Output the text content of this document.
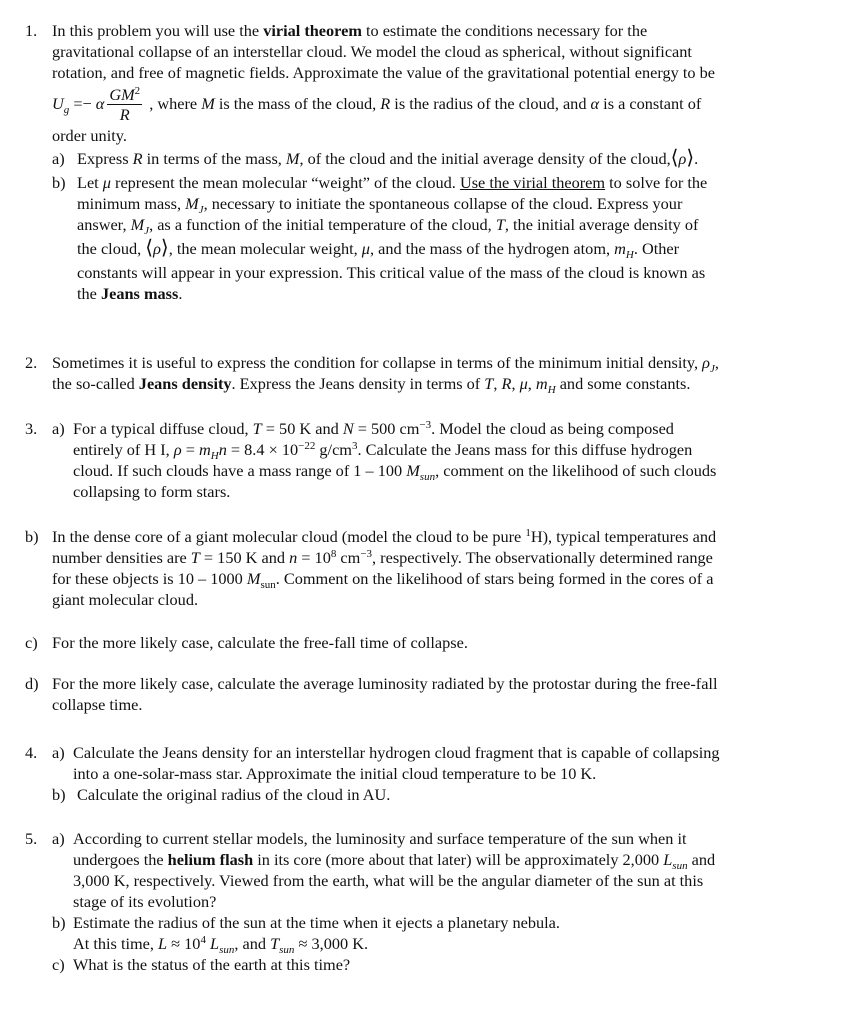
1. In this problem you will use the virial theorem to estimate the conditions necessary for the
gravitational collapse of an interstellar cloud. We model the cloud as spherical, without significant
rotation, and free of magnetic fields. Approximate the value of the gravitational potential energy to be
$U_g =- \alpha \frac{GM^2}{R}$ , where M is the mass of the cloud, R is the radius of the cloud, and α is a constant of
order unity.
a) Express R in terms of the mass, M, of the cloud and the initial average density of the cloud,⟨ρ⟩.
b) Let μ represent the mean molecular “weight” of the cloud. Use the virial theorem to solve for the
minimum mass, $M_J$, necessary to initiate the spontaneous collapse of the cloud. Express your
answer, $M_J$, as a function of the initial temperature of the cloud, T, the initial average density of
the cloud, ⟨ρ⟩, the mean molecular weight, μ, and the mass of the hydrogen atom, $m_H$. Other
constants will appear in your expression. This critical value of the mass of the cloud is known as
the Jeans mass.
2. Sometimes it is useful to express the condition for collapse in terms of the minimum initial density, $\rho_J$,
the so-called Jeans density. Express the Jeans density in terms of T, R, μ, $m_H$ and some constants.
3. a) For a typical diffuse cloud, T = 50 K and N = 500 $cm^{-3}$. Model the cloud as being composed
entirely of H I, $\rho = m_Hn = 8.4 \times 10^{-22}$ $g/cm^3$. Calculate the Jeans mass for this diffuse hydrogen
cloud. If such clouds have a mass range of 1 – 100 $M_{sun}$, comment on the likelihood of such clouds
collapsing to form stars.
b) In the dense core of a giant molecular cloud (model the cloud to be pure $^1$H), typical temperatures and
number densities are T = 150 K and $n = 10^8$ $cm^{-3}$, respectively. The observationally determined range
for these objects is 10 – 1000 $M_{sun}$. Comment on the likelihood of stars being formed in the cores of a
giant molecular cloud.
c) For the more likely case, calculate the free-fall time of collapse.
d) For the more likely case, calculate the average luminosity radiated by the protostar during the free-fall
collapse time.
4. a) Calculate the Jeans density for an interstellar hydrogen cloud fragment that is capable of collapsing
into a one-solar-mass star. Approximate the initial cloud temperature to be 10 K.
b) Calculate the original radius of the cloud in AU.
5. a) According to current stellar models, the luminosity and surface temperature of the sun when it
undergoes the helium flash in its core (more about that later) will be approximately 2,000 $L_{sun}$ and
3,000 K, respectively. Viewed from the earth, what will be the angular diameter of the sun at this
stage of its evolution?
b) Estimate the radius of the sun at the time when it ejects a planetary nebula.
At this time, $L \approx 10^4$ $L_{sun}$, and $T_{sun} \approx 3,000$ K.
c) What is the status of the earth at this time?
